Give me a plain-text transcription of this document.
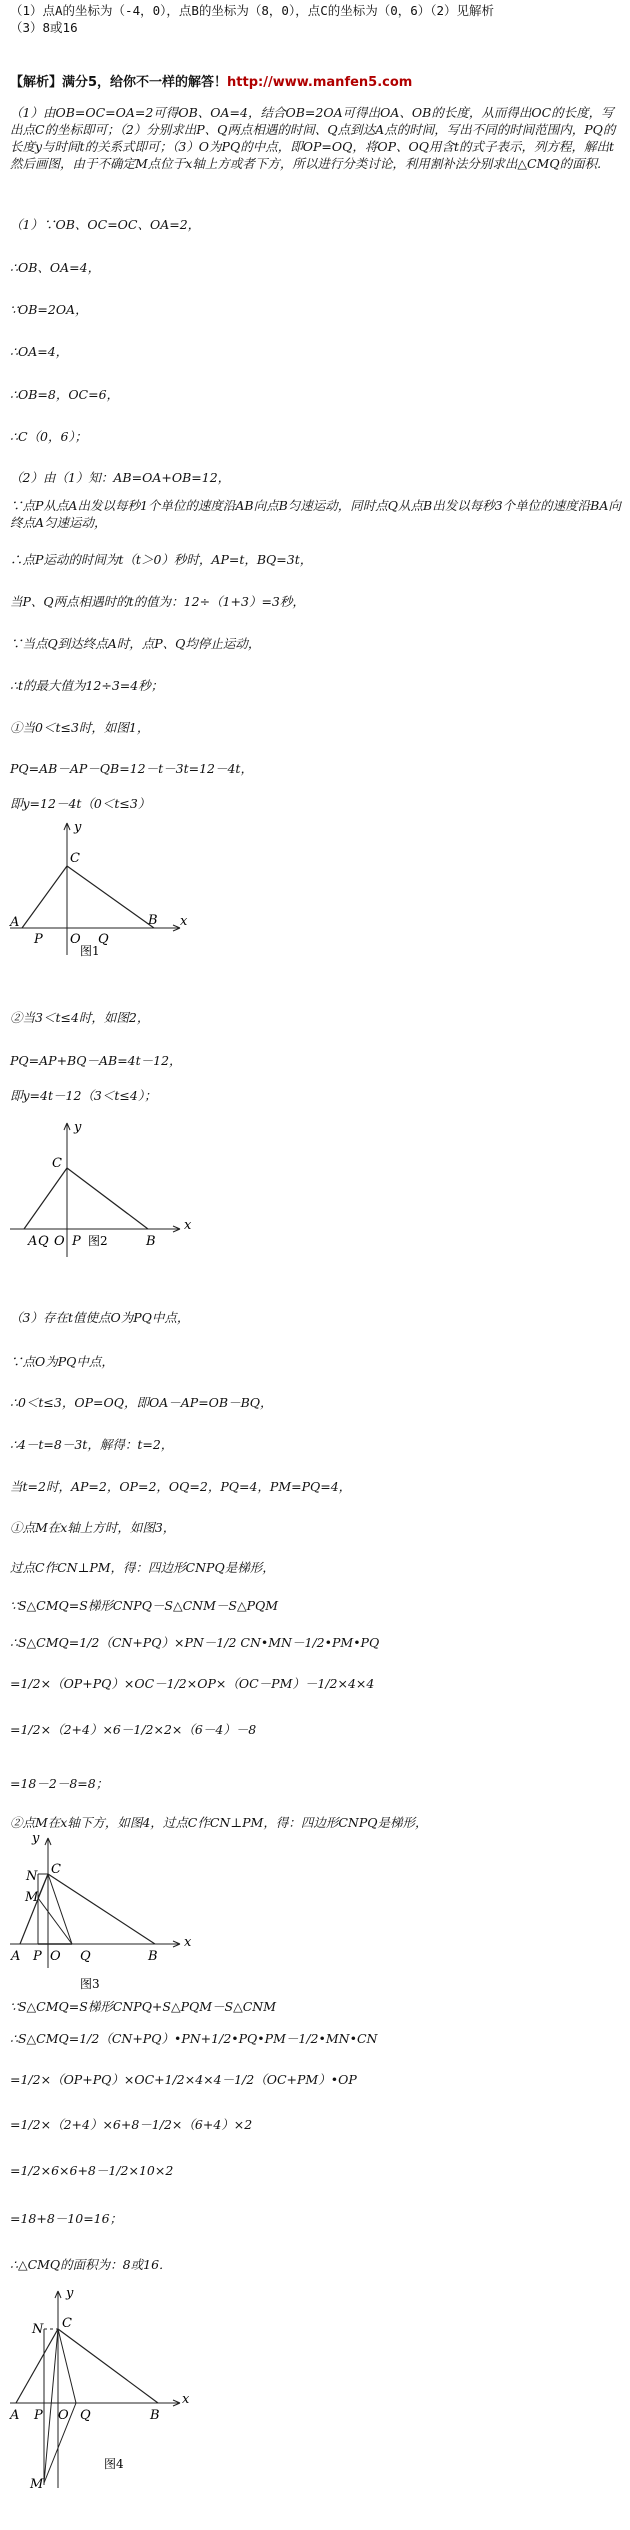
（1）点A的坐标为（-4，0），点B的坐标为（8，0），点C的坐标为（0，6）（2）见解析
（3）8或16
【解析】满分5，给你不一样的解答！http://www.manfen5.com
（1）由OB=OC=OA=2可得OB、OA=4，结合OB=2OA可得出OA、OB的长度，从而得出OC的长度，写出点C的坐标即可；（2）分别求出P、Q两点相遇的时间、Q点到达A点的时间，写出不同的时间范围内，PQ的长度y与时间t的关系式即可；（3）O为PQ的中点，即OP=OQ，将OP、OQ用含t的式子表示，列方程，解出t然后画图，由于不确定M点位于x轴上方或者下方，所以进行分类讨论，利用割补法分别求出△CMQ的面积.
（1）∵OB、OC=OC、OA=2，
∴OB、OA=4，
∵OB=2OA，
∴OA=4，
∴OB=8，OC=6，
∴C（0，6）；
（2）由（1）知：AB=OA+OB=12，
∵点P从点A出发以每秒1个单位的速度沿AB向点B匀速运动，同时点Q从点B出发以每秒3个单位的速度沿BA向终点A匀速运动，
∴点P运动的时间为t（t＞0）秒时，AP=t，BQ=3t，
当P、Q两点相遇时的t的值为：12÷（1+3）=3秒，
∵当点Q到达终点A时，点P、Q均停止运动，
∴t的最大值为12÷3=4秒；
①当0＜t≤3时，如图1，
PQ=AB－AP－QB=12－t－3t=12－4t，
即y=12－4t（0＜t≤3）
y
C
A
P O Q
B x
图1
②当3＜t≤4时，如图2，
PQ=AP+BQ－AB=4t－12，
即y=4t－12（3＜t≤4）；
y
C
A Q O P	B
x
图2
（3）存在t值使点O为PQ中点，
∵点O为PQ中点，
∴0＜t≤3，OP=OQ，即OA－AP=OB－BQ，
∴4－t=8－3t，解得：t=2，
当t=2时，AP=2，OP=2，OQ=2，PQ=4，PM=PQ=4，
①点M在x轴上方时，如图3，
过点C作CN⊥PM，得：四边形CNPQ是梯形，
∵S△CMQ=S梯形CNPQ－S△CNM－S△PQM
∴S△CMQ=1/2（CN+PQ）×PN－1/2 CN•MN－1/2•PM•PQ
=1/2×（OP+PQ）×OC－1/2×OP×（OC－PM）－1/2×4×4
=1/2×（2+4）×6－1/2×2×（6－4）－8
=18－2－8=8；
②点M在x轴下方，如图4，过点C作CN⊥PM，得：四边形CNPQ是梯形，
y
C
N
M
A P O Q	B
x
图3
∵S△CMQ=S梯形CNPQ+S△PQM－S△CNM
∴S△CMQ=1/2（CN+PQ）•PN+1/2•PQ•PM－1/2•MN•CN
=1/2×（OP+PQ）×OC+1/2×4×4－1/2（OC+PM）•OP
=1/2×（2+4）×6+8－1/2×（6+4）×2
=1/2×6×6+8－1/2×10×2
=18+8－10=16；
∴△CMQ的面积为：8或16．
y
C
N
A P O Q	B
x
M
图4
